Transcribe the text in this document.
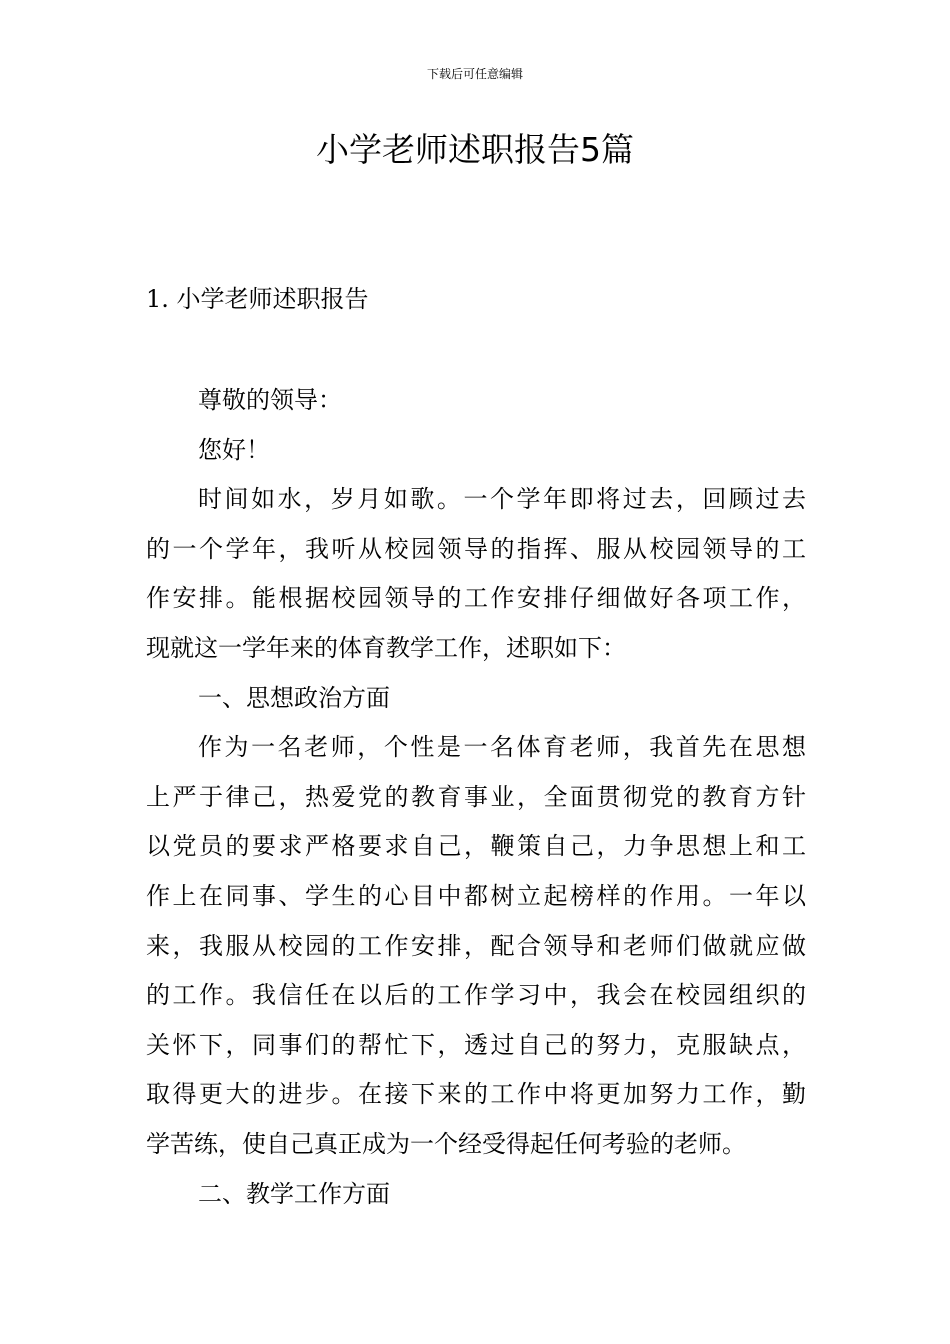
下载后可任意编辑
小学老师述职报告5篇
1. 小学老师述职报告

尊敬的领导：

您好！

时间如水，岁月如歌。一个学年即将过去，回顾过去
的一个学年，我听从校园领导的指挥、服从校园领导的工
作安排。能根据校园领导的工作安排仔细做好各项工作，
现就这一学年来的体育教学工作，述职如下：

一、思想政治方面

作为一名老师，个性是一名体育老师，我首先在思想
上严于律己，热爱党的教育事业，全面贯彻党的教育方针
以党员的要求严格要求自己，鞭策自己，力争思想上和工
作上在同事、学生的心目中都树立起榜样的作用。一年以
来，我服从校园的工作安排，配合领导和老师们做就应做
的工作。我信任在以后的工作学习中，我会在校园组织的
关怀下，同事们的帮忙下，透过自己的努力，克服缺点，
取得更大的进步。在接下来的工作中将更加努力工作，勤
学苦练，使自己真正成为一个经受得起任何考验的老师。

二、教学工作方面
